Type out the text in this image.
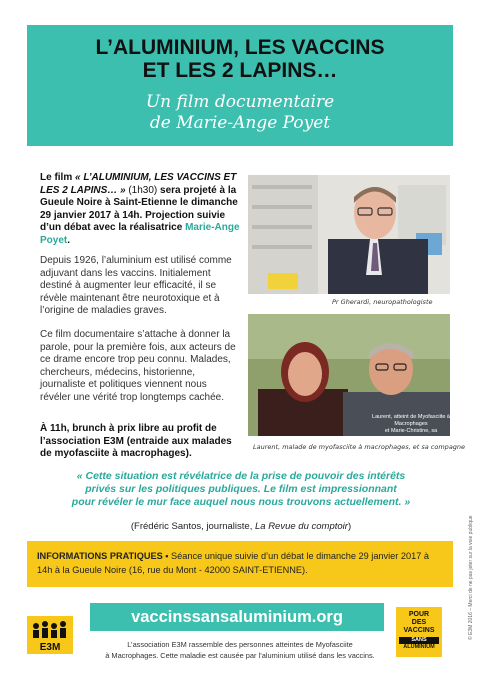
L’ALUMINIUM, LES VACCINS
ET LES 2 LAPINS…
Un film documentaire
de Marie-Ange Poyet
Le film « L’ALUMINIUM, LES VACCINS ET LES 2 LAPINS… » (1h30) sera projeté à la Gueule Noire à Saint-Etienne le dimanche 29 janvier 2017 à 14h. Projection suivie d’un débat avec la réalisatrice Marie-Ange Poyet.
Depuis 1926, l’aluminium est utilisé comme adjuvant dans les vaccins. Initialement destiné à augmenter leur efficacité, il se révèle maintenant être neurotoxique et à l’origine de maladies graves.
Ce film documentaire s’attache à donner la parole, pour la première fois, aux acteurs de ce drame encore trop peu connu. Malades, chercheurs, médecins, historienne, journaliste et politiques viennent nous révéler une vérité trop longtemps cachée.
À 11h, brunch à prix libre au profit de l’association E3M (entraide aux malades de myofasciite à macrophages).
Pr Gherardi, neuropathologiste
Laurent, atteint de Myofasciite à Macrophages
et Marie-Christine, sa compagne
Laurent, malade de myofasciite à macrophages, et sa compagne
« Cette situation est révélatrice de la prise de pouvoir des intérêts
privés sur les politiques publiques. Le film est impressionnant
pour révéler le mur face auquel nous nous trouvons actuellement. »
(Frédéric Santos, journaliste, La Revue du comptoir)
INFORMATIONS PRATIQUES • Séance unique suivie d’un débat le dimanche 29 janvier 2017 à 14h à la Gueule Noire (16, rue du Mont - 42000 SAINT-ETIENNE).
E3M
vaccinssansaluminium.org
L’association E3M rassemble des personnes atteintes de Myofasciite
à Macrophages. Cette maladie est causée par l’aluminium utilisé dans les vaccins.
POUR
DES
VACCINS
SANS
ALUMINIUM
© E3M 2016 – Merci de ne pas jeter sur la voie publique
